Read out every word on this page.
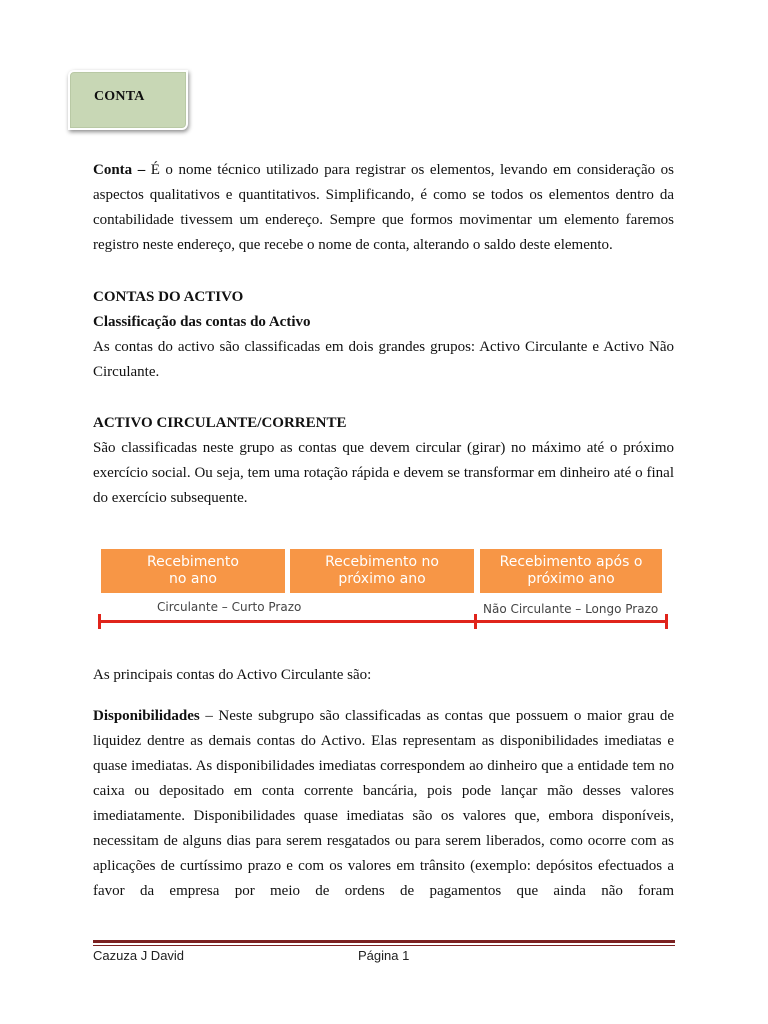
CONTA

Conta – É o nome técnico utilizado para registrar os elementos, levando em consideração os aspectos qualitativos e quantitativos. Simplificando, é como se todos os elementos dentro da contabilidade tivessem um endereço. Sempre que formos movimentar um elemento faremos registro neste endereço, que recebe o nome de conta, alterando o saldo deste elemento.

CONTAS DO ACTIVO

Classificação das contas do Activo

As contas do activo são classificadas em dois grandes grupos: Activo Circulante e Activo Não Circulante.

ACTIVO CIRCULANTE/CORRENTE

São classificadas neste grupo as contas que devem circular (girar) no máximo até o próximo exercício social. Ou seja, tem uma rotação rápida e devem se transformar em dinheiro até o final do exercício subsequente.

Recebimento
no ano
Recebimento no
próximo ano
Recebimento após o
próximo ano
Circulante – Curto Prazo	Não Circulante – Longo Prazo

As principais contas do Activo Circulante são:

Disponibilidades – Neste subgrupo são classificadas as contas que possuem o maior grau de liquidez dentre as demais contas do Activo. Elas representam as disponibilidades imediatas e quase imediatas. As disponibilidades imediatas correspondem ao dinheiro que a entidade tem no caixa ou depositado em conta corrente bancária, pois pode lançar mão desses valores imediatamente. Disponibilidades quase imediatas são os valores que, embora disponíveis, necessitam de alguns dias para serem resgatados ou para serem liberados, como ocorre com as aplicações de curtíssimo prazo e com os valores em trânsito (exemplo: depósitos efectuados a favor da empresa por meio de ordens de pagamentos que ainda não foram

Cazuza J David	Página 1
